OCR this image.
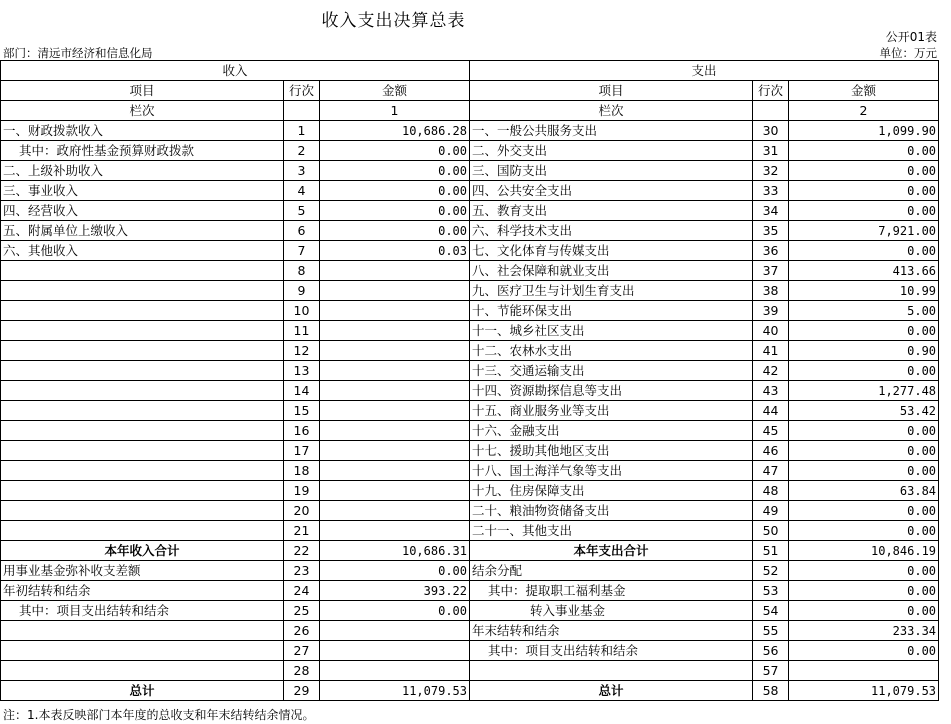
收入支出决算总表
公开01表
部门：清远市经济和信息化局	单位：万元
收入			支出		
项目	行次	金额	项目	行次	金额
栏次		1	栏次		2
一、财政拨款收入	1	10,686.28	一、一般公共服务支出	30	1,099.90
其中：政府性基金预算财政拨款	2	0.00	二、外交支出	31	0.00
二、上级补助收入	3	0.00	三、国防支出	32	0.00
三、事业收入	4	0.00	四、公共安全支出	33	0.00
四、经营收入	5	0.00	五、教育支出	34	0.00
五、附属单位上缴收入	6	0.00	六、科学技术支出	35	7,921.00
六、其他收入	7	0.03	七、文化体育与传媒支出	36	0.00
	8		八、社会保障和就业支出	37	413.66
	9		九、医疗卫生与计划生育支出	38	10.99
	10		十、节能环保支出	39	5.00
	11		十一、城乡社区支出	40	0.00
	12		十二、农林水支出	41	0.90
	13		十三、交通运输支出	42	0.00
	14		十四、资源勘探信息等支出	43	1,277.48
	15		十五、商业服务业等支出	44	53.42
	16		十六、金融支出	45	0.00
	17		十七、援助其他地区支出	46	0.00
	18		十八、国土海洋气象等支出	47	0.00
	19		十九、住房保障支出	48	63.84
	20		二十、粮油物资储备支出	49	0.00
	21		二十一、其他支出	50	0.00
本年收入合计	22	10,686.31	本年支出合计	51	10,846.19
用事业基金弥补收支差额	23	0.00	结余分配	52	0.00
年初结转和结余	24	393.22	其中：提取职工福利基金	53	0.00
其中：项目支出结转和结余	25	0.00	转入事业基金	54	0.00
	26		年末结转和结余	55	233.34
	27		其中：项目支出结转和结余	56	0.00
	28			57	
总计	29	11,079.53	总计	58	11,079.53
注：1.本表反映部门本年度的总收支和年末结转结余情况。
